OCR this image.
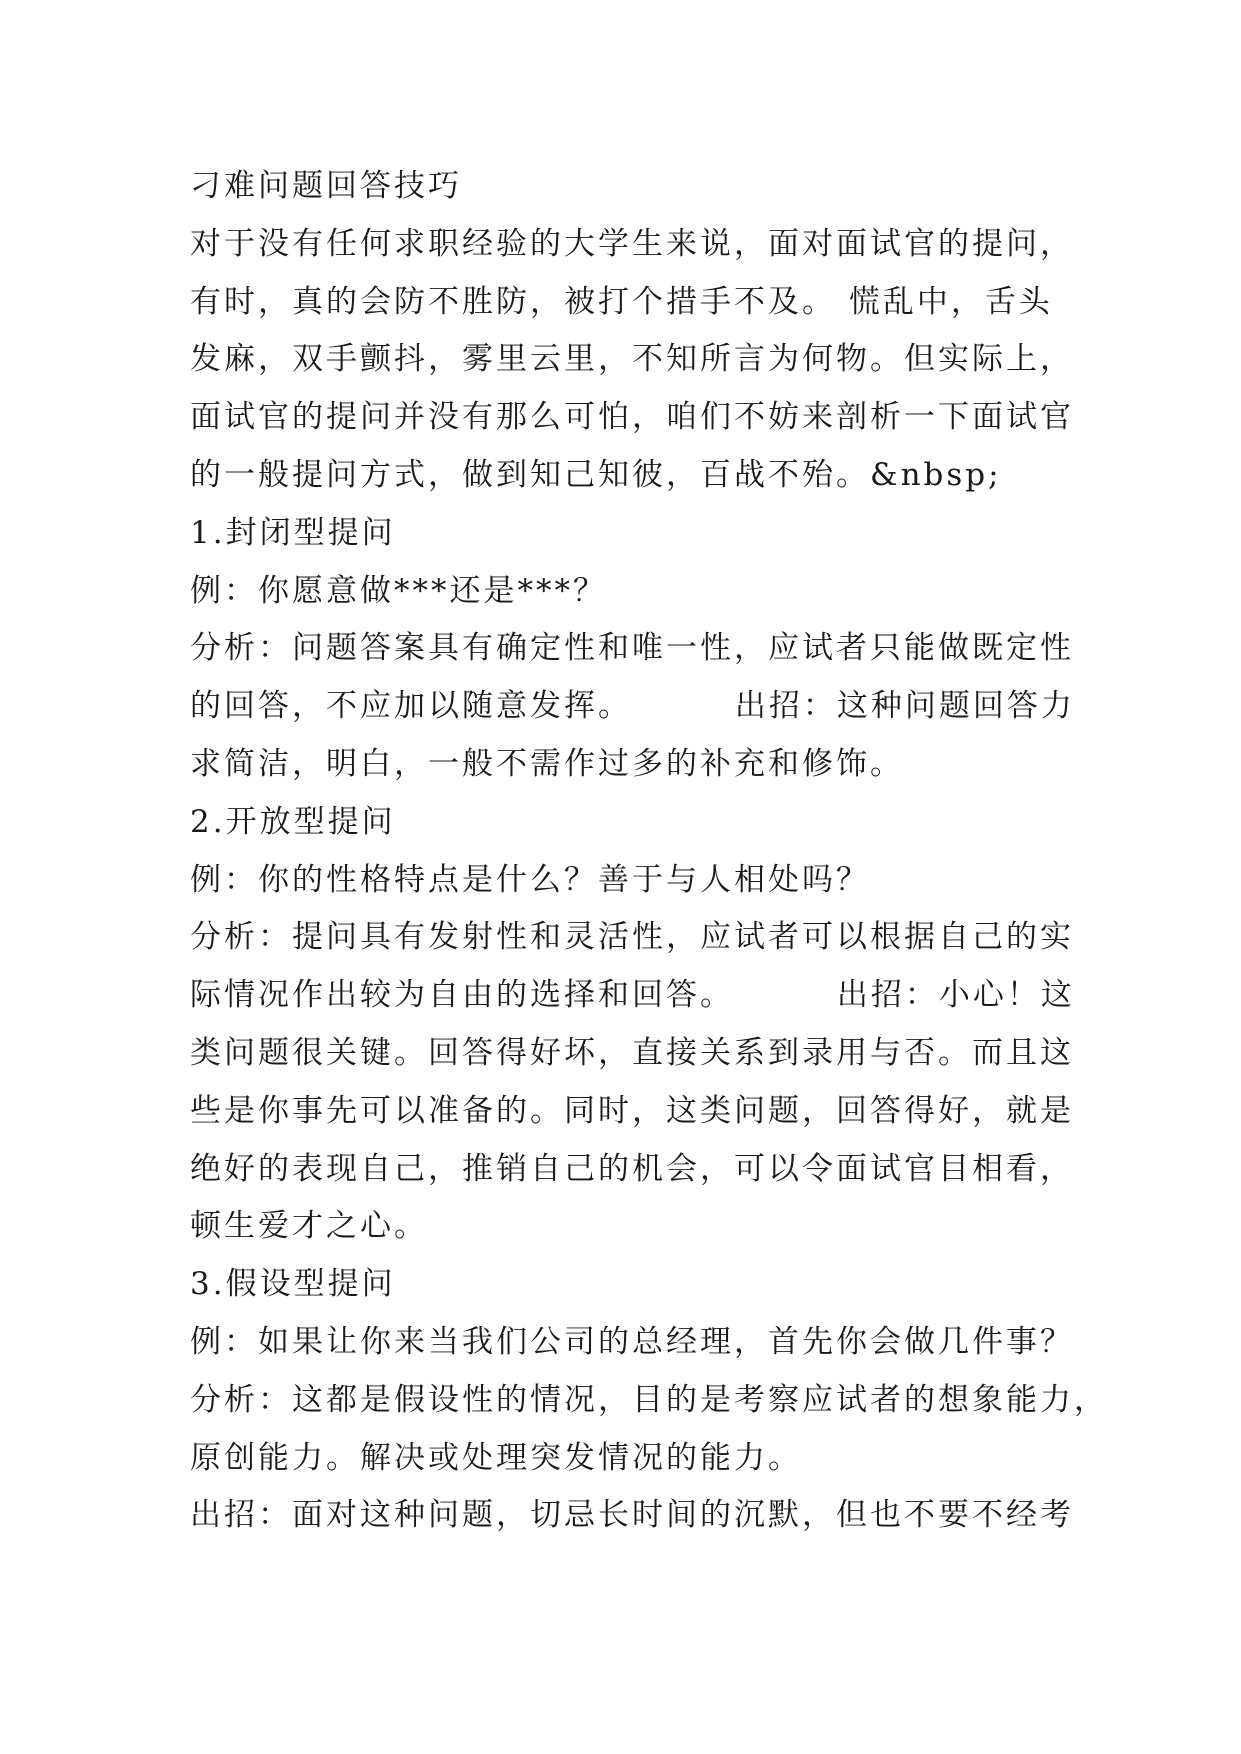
刁难问题回答技巧
对于没有任何求职经验的大学生来说，面对面试官的提问，
有时，真的会防不胜防，被打个措手不及。 慌乱中，舌头
发麻，双手颤抖，雾里云里，不知所言为何物。但实际上，
面试官的提问并没有那么可怕，咱们不妨来剖析一下面试官
的一般提问方式，做到知己知彼，百战不殆。&nbsp;
1.封闭型提问
例：你愿意做***还是***？
分析：问题答案具有确定性和唯一性，应试者只能做既定性
的回答，不应加以随意发挥。        出招：这种问题回答力
求简洁，明白，一般不需作过多的补充和修饰。
2.开放型提问
例：你的性格特点是什么？善于与人相处吗？
分析：提问具有发射性和灵活性，应试者可以根据自己的实
际情况作出较为自由的选择和回答。        出招：小心！这
类问题很关键。回答得好坏，直接关系到录用与否。而且这
些是你事先可以准备的。同时，这类问题，回答得好，就是
绝好的表现自己，推销自己的机会，可以令面试官目相看，
顿生爱才之心。
3.假设型提问
例：如果让你来当我们公司的总经理，首先你会做几件事？
分析：这都是假设性的情况，目的是考察应试者的想象能力，
原创能力。解决或处理突发情况的能力。
出招：面对这种问题，切忌长时间的沉默，但也不要不经考
